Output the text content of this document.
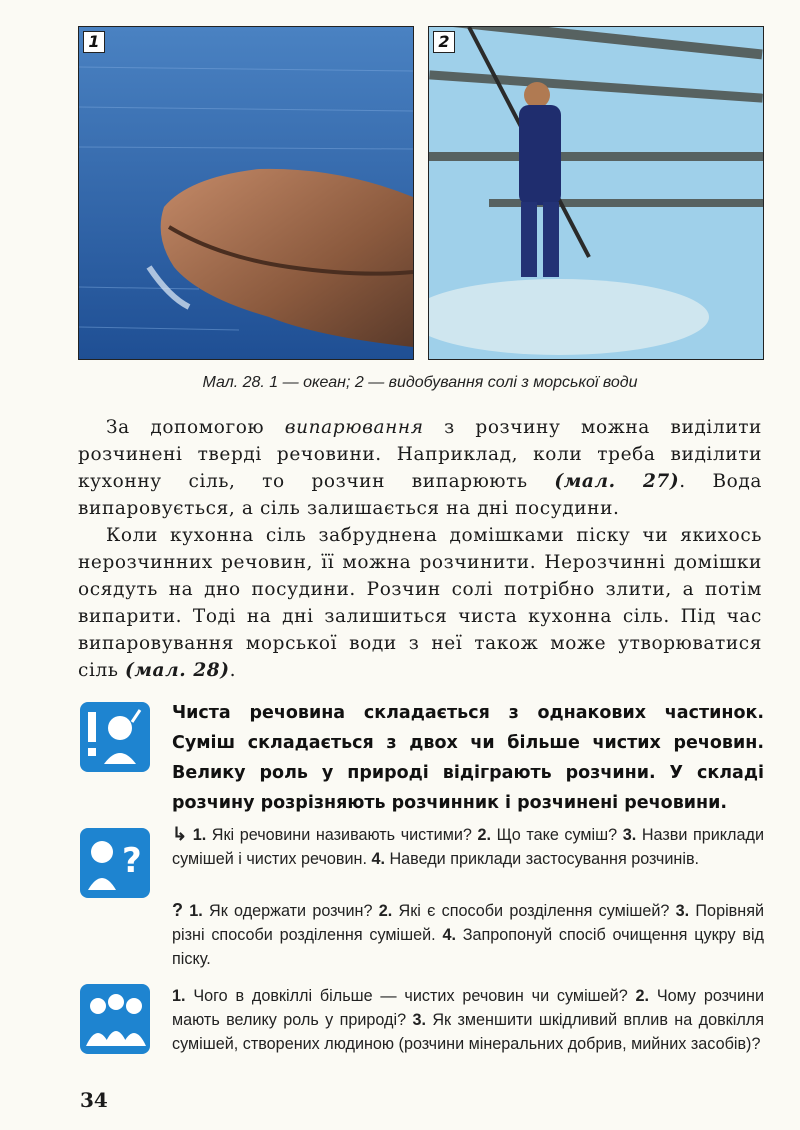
1	2
Мал. 28. 1 — океан; 2 — видобування солі з морської води

За допомогою випарювання з розчину можна виділити розчинені тверді речовини. Наприклад, коли треба виділити кухонну сіль, то розчин випарюють (мал. 27). Вода випаровується, а сіль залишається на дні посудини.

Коли кухонна сіль забруднена домішками піску чи якихось нерозчинних речовин, її можна розчинити. Нерозчинні домішки осядуть на дно посудини. Розчин солі потрібно злити, а потім випарити. Тоді на дні залишиться чиста кухонна сіль. Під час випаровування морської води з неї також може утворюватися сіль (мал. 28).

Чиста речовина складається з однакових частинок. Суміш складається з двох чи більше чистих речовин. Велику роль у природі відіграють розчини. У складі розчину розрізняють розчинник і розчинені речовини.
?
↳ 1. Які речовини називають чистими? 2. Що таке суміш? 3. Назви приклади сумішей і чистих речовин. 4. Наведи приклади застосування розчинів.
? 1. Як одержати розчин? 2. Які є способи розділення сумішей? 3. Порівняй різні способи розділення сумішей. 4. Запропонуй спосіб очищення цукру від піску.
1. Чого в довкіллі більше — чистих речовин чи сумішей? 2. Чому розчини мають велику роль у природі? 3. Як зменшити шкідливий вплив на довкілля сумішей, створених людиною (розчини мінеральних добрив, мийних засобів)?
34
